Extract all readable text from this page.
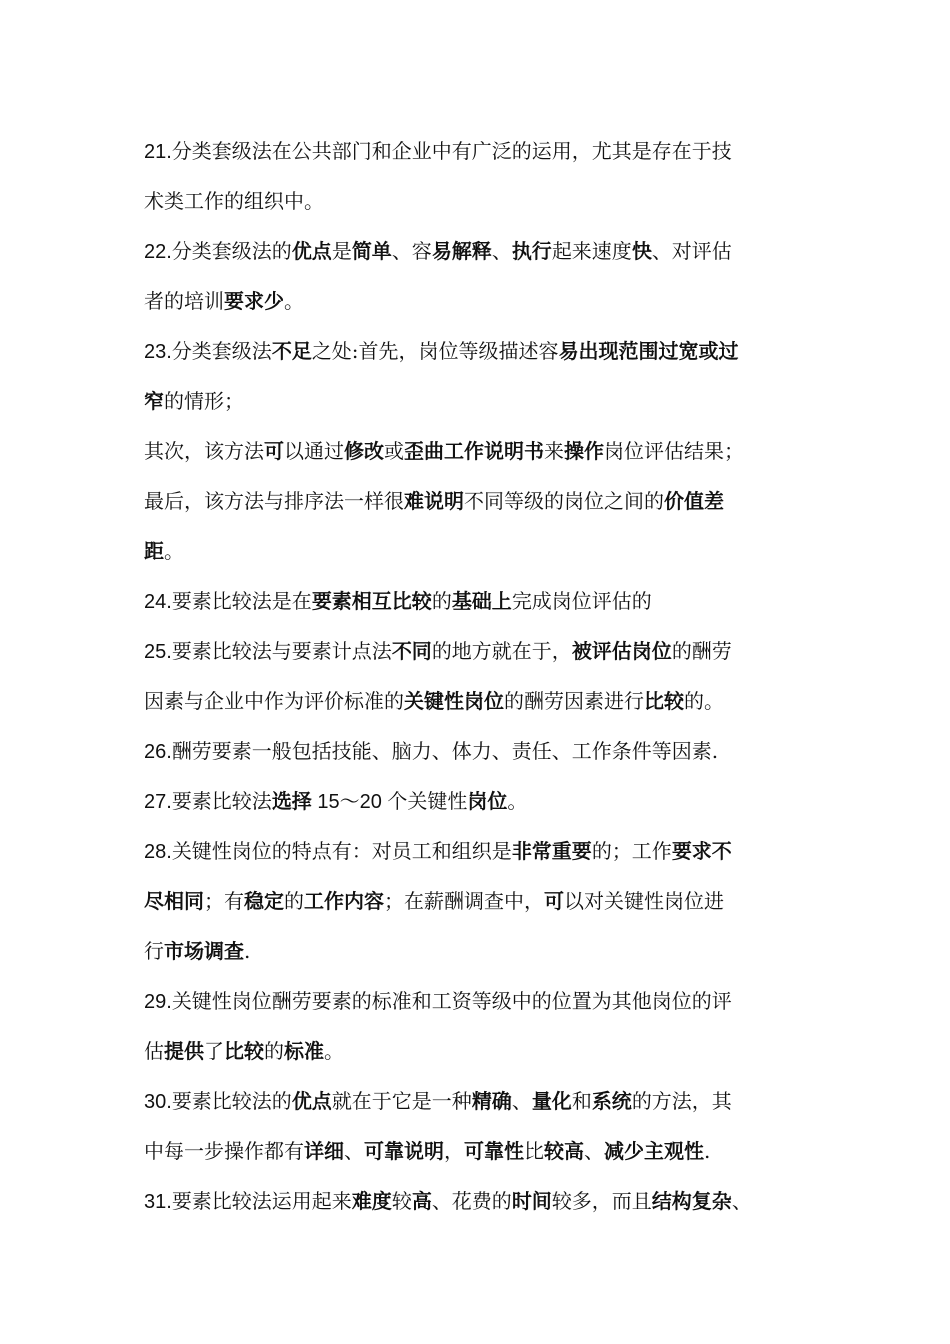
21.分类套级法在公共部门和企业中有广泛的运用，尤其是存在于技
术类工作的组织中。
22.分类套级法的优点是简单、容易解释、执行起来速度快、对评估
者的培训要求少。
23.分类套级法不足之处:首先，岗位等级描述容易出现范围过宽或过
窄的情形；
其次，该方法可以通过修改或歪曲工作说明书来操作岗位评估结果；
最后，该方法与排序法一样很难说明不同等级的岗位之间的价值差
距。
24.要素比较法是在要素相互比较的基础上完成岗位评估的
25.要素比较法与要素计点法不同的地方就在于，被评估岗位的酬劳
因素与企业中作为评价标准的关键性岗位的酬劳因素进行比较的。
26.酬劳要素一般包括技能、脑力、体力、责任、工作条件等因素.
27.要素比较法选择 15～20 个关键性岗位。
28.关键性岗位的特点有：对员工和组织是非常重要的；工作要求不
尽相同；有稳定的工作内容；在薪酬调查中，可以对关键性岗位进
行市场调查.
29.关键性岗位酬劳要素的标准和工资等级中的位置为其他岗位的评
估提供了比较的标准。
30.要素比较法的优点就在于它是一种精确、量化和系统的方法，其
中每一步操作都有详细、可靠说明，可靠性比较高、减少主观性.
31.要素比较法运用起来难度较高、花费的时间较多，而且结构复杂、
